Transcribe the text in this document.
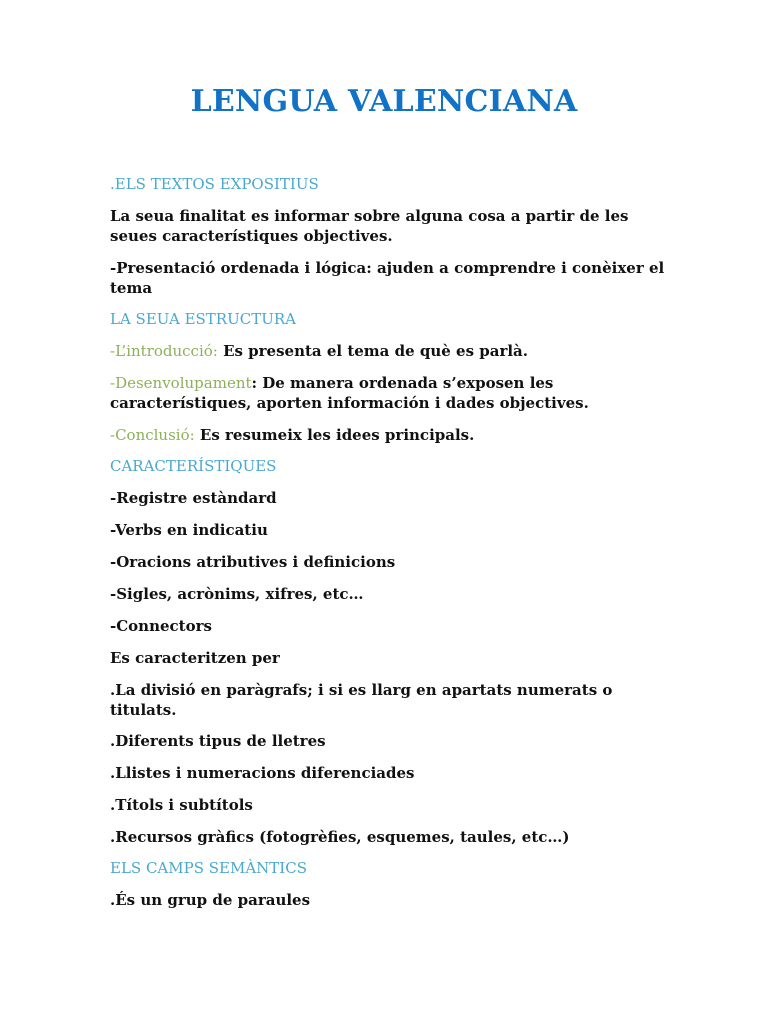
LENGUA VALENCIANA

.ELS TEXTOS EXPOSITIUS

La seua finalitat es informar sobre alguna cosa a partir de les seues característiques objectives.

-Presentació ordenada i lógica: ajuden a comprendre i conèixer el tema

LA SEUA ESTRUCTURA

-L’introducció: Es presenta el tema de què es parlà.

-Desenvolupament: De manera ordenada s’exposen les característiques, aporten información i dades objectives.

-Conclusió: Es resumeix les idees principals.

CARACTERÍSTIQUES

-Registre estàndard

-Verbs en indicatiu

-Oracions atributives i definicions

-Sigles, acrònims, xifres, etc…

-Connectors

Es caracteritzen per

.La divisió en paràgrafs; i si es llarg en apartats numerats o titulats.

.Diferents tipus de lletres

.Llistes i numeracions diferenciades

.Títols i subtítols

.Recursos gràfics (fotogrèfies, esquemes, taules, etc…)

ELS CAMPS SEMÀNTICS

.És un grup de paraules
